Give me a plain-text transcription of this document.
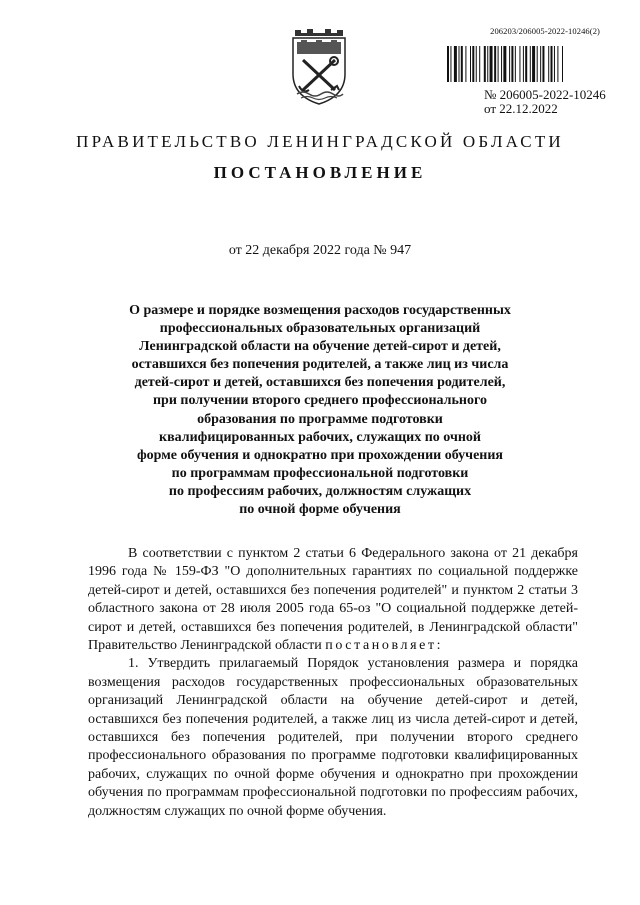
206203/206005-2022-10246(2)
№ 206005-2022-10246
от 22.12.2022
ПРАВИТЕЛЬСТВО ЛЕНИНГРАДСКОЙ ОБЛАСТИ
ПОСТАНОВЛЕНИЕ
от 22 декабря 2022 года № 947
О размере и порядке возмещения расходов государственных
профессиональных образовательных организаций
Ленинградской области на обучение детей-сирот и детей,
оставшихся без попечения родителей, а также лиц из числа
детей-сирот и детей, оставшихся без попечения родителей,
при получении второго среднего профессионального
образования по программе подготовки
квалифицированных рабочих, служащих по очной
форме обучения и однократно при прохождении обучения
по программам профессиональной подготовки
по профессиям рабочих, должностям служащих
по очной форме обучения

В соответствии с пунктом 2 статьи 6 Федерального закона от 21 декабря 1996 года № 159-ФЗ "О дополнительных гарантиях по социальной поддержке детей-сирот и детей, оставшихся без попечения родителей" и пунктом 2 статьи 3 областного закона от 28 июля 2005 года 65-оз "О социальной поддержке детей-сирот и детей, оставшихся без попечения родителей, в Ленинградской области" Правительство Ленинградской области постановляет:

1. Утвердить прилагаемый Порядок установления размера и порядка возмещения расходов государственных профессиональных образовательных организаций Ленинградской области на обучение детей-сирот и детей, оставшихся без попечения родителей, а также лиц из числа детей-сирот и детей, оставшихся без попечения родителей, при получении второго среднего профессионального образования по программе подготовки квалифицированных рабочих, служащих по очной форме обучения и однократно при прохождении обучения по программам профессиональной подготовки по профессиям рабочих, должностям служащих по очной форме обучения.
